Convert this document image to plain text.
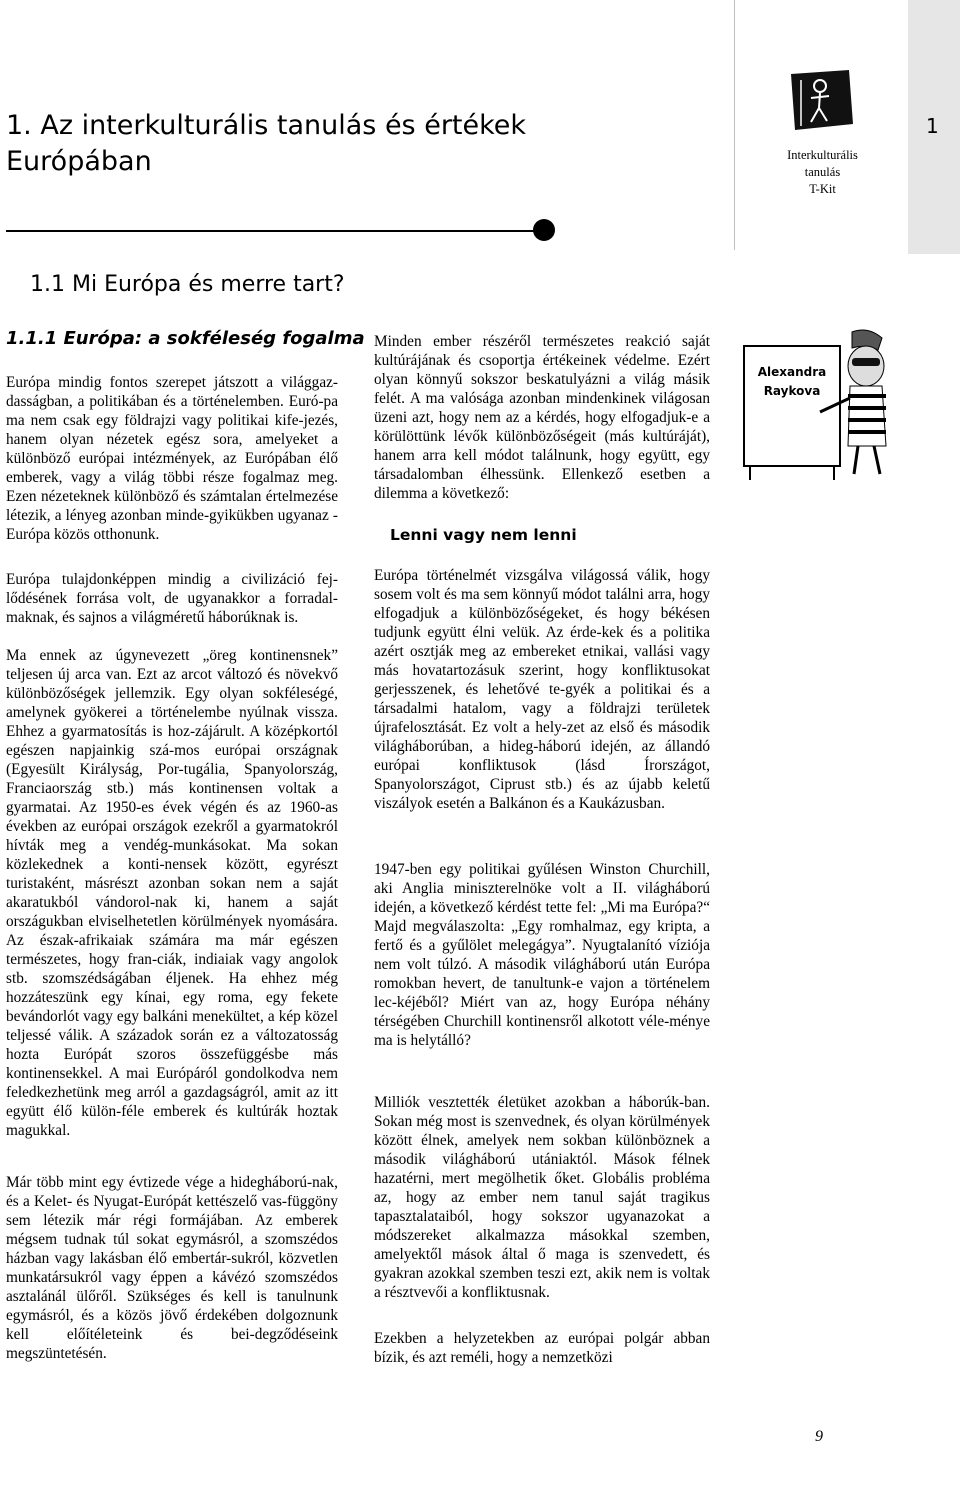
1. Az interkulturális tanulás és értékek
Európában
1.1 Mi Európa és merre tart?
1
Interkulturális
tanulás
T-Kit
1.1.1 Európa: a sokféleség fogalma

Európa mindig fontos szerepet játszott a világgaz-dasságban, a politikában és a történelemben. Euró-pa ma nem csak egy földrajzi vagy politikai kife-jezés, hanem olyan nézetek egész sora, amelyeket a különböző európai intézmények, az Európában élő emberek, vagy a világ többi része fogalmaz meg. Ezen nézeteknek különböző és számtalan értelmezése létezik, a lényeg azonban minde-gyikükben ugyanaz - Európa közös otthonunk.

Európa tulajdonképpen mindig a civilizáció fej-lődésének forrása volt, de ugyanakkor a forradal-maknak, és sajnos a világméretű háborúknak is.

Ma ennek az úgynevezett „öreg kontinensnek” teljesen új arca van. Ezt az arcot változó és növekvő különbözőségek jellemzik. Egy olyan sokféleségé, amelynek gyökerei a történelembe nyúlnak vissza. Ehhez a gyarmatosítás is hoz-zájárult. A középkortól egészen napjainkig szá-mos európai országnak (Egyesült Királyság, Por-tugália, Spanyolország, Franciaország stb.) más kontinensen voltak a gyarmatai. Az 1950-es évek végén és az 1960-as években az európai országok ezekről a gyarmatokról hívták meg a vendég-munkásokat. Ma sokan közlekednek a konti-nensek között, egyrészt turistaként, másrészt azonban sokan nem a saját akaratukból vándorol-nak ki, hanem a saját országukban elviselhetetlen körülmények nyomására. Az észak-afrikaiak számára ma már egészen természetes, hogy fran-ciák, indiaiak vagy angolok stb. szomszédságában éljenek. Ha ehhez még hozzáteszünk egy kínai, egy roma, egy fekete bevándorlót vagy egy balkáni menekültet, a kép közel teljessé válik. A századok során ez a változatosság hozta Európát szoros összefüggésbe más kontinensekkel. A mai Európáról gondolkodva nem feledkezhetünk meg arról a gazdagságról, amit az itt együtt élő külön-féle emberek és kultúrák hoztak magukkal.

Már több mint egy évtizede vége a hidegháború-nak, és a Kelet- és Nyugat-Európát kettészelő vas-függöny sem létezik már régi formájában. Az emberek mégsem tudnak túl sokat egymásról, a szomszédos házban vagy lakásban élő embertár-sukról, közvetlen munkatársukról vagy éppen a kávézó szomszédos asztalánál ülőről. Szükséges és kell is tanulnunk egymásról, és a közös jövő érdekében dolgoznunk kell előítéleteink és bei-degződéseink megszüntetésén.

Minden ember részéről természetes reakció saját kultúrájának és csoportja értékeinek védelme. Ezért olyan könnyű sokszor beskatulyázni a világ másik felét. A ma valósága azonban mindenkinek világosan üzeni azt, hogy nem az a kérdés, hogy elfogadjuk-e a körülöttünk lévők különbözőségeit (más kultúráját), hanem arra kell módot találnunk, hogy együtt, egy társadalomban élhessünk. Ellenkező esetben a dilemma a következő:

Alexandra
Raykova
Lenni vagy nem lenni

Európa történelmét vizsgálva világossá válik, hogy sosem volt és ma sem könnyű módot találni arra, hogy elfogadjuk a különbözőségeket, és hogy békésen tudjunk együtt élni velük. Az érde-kek és a politika azért osztják meg az embereket etnikai, vallási vagy más hovatartozásuk szerint, hogy konfliktusokat gerjesszenek, és lehetővé te-gyék a politikai és a társadalmi hatalom, vagy a földrajzi területek újrafelosztását. Ez volt a hely-zet az első és második világháborúban, a hideg-háború idején, az állandó európai konfliktusok (lásd Írországot, Spanyolországot, Ciprust stb.) és az újabb keletű viszályok esetén a Balkánon és a Kaukázusban.

1947-ben egy politikai gyűlésen Winston Churchill, aki Anglia miniszterelnöke volt a II. világháború idején, a következő kérdést tette fel: „Mi ma Európa?“ Majd megválaszolta: „Egy romhalmaz, egy kripta, a fertő és a gyűlölet melegágya”. Nyugtalanító víziója nem volt túlzó. A második világháború után Európa romokban hevert, de tanultunk-e vajon a történelem lec-kéjéből? Miért van az, hogy Európa néhány térségében Churchill kontinensről alkotott véle-ménye ma is helytálló?

Milliók vesztették életüket azokban a háborúk-ban. Sokan még most is szenvednek, és olyan körülmények között élnek, amelyek nem sokban különböznek a második világháború utániaktól. Mások félnek hazatérni, mert megölhetik őket. Globális probléma az, hogy az ember nem tanul saját tragikus tapasztalataiból, hogy sokszor ugyanazokat a módszereket alkalmazza másokkal szemben, amelyektől mások által ő maga is szenvedett, és gyakran azokkal szemben teszi ezt, akik nem is voltak a résztvevői a konfliktusnak.

Ezekben a helyzetekben az európai polgár abban bízik, és azt reméli, hogy a nemzetközi

9
